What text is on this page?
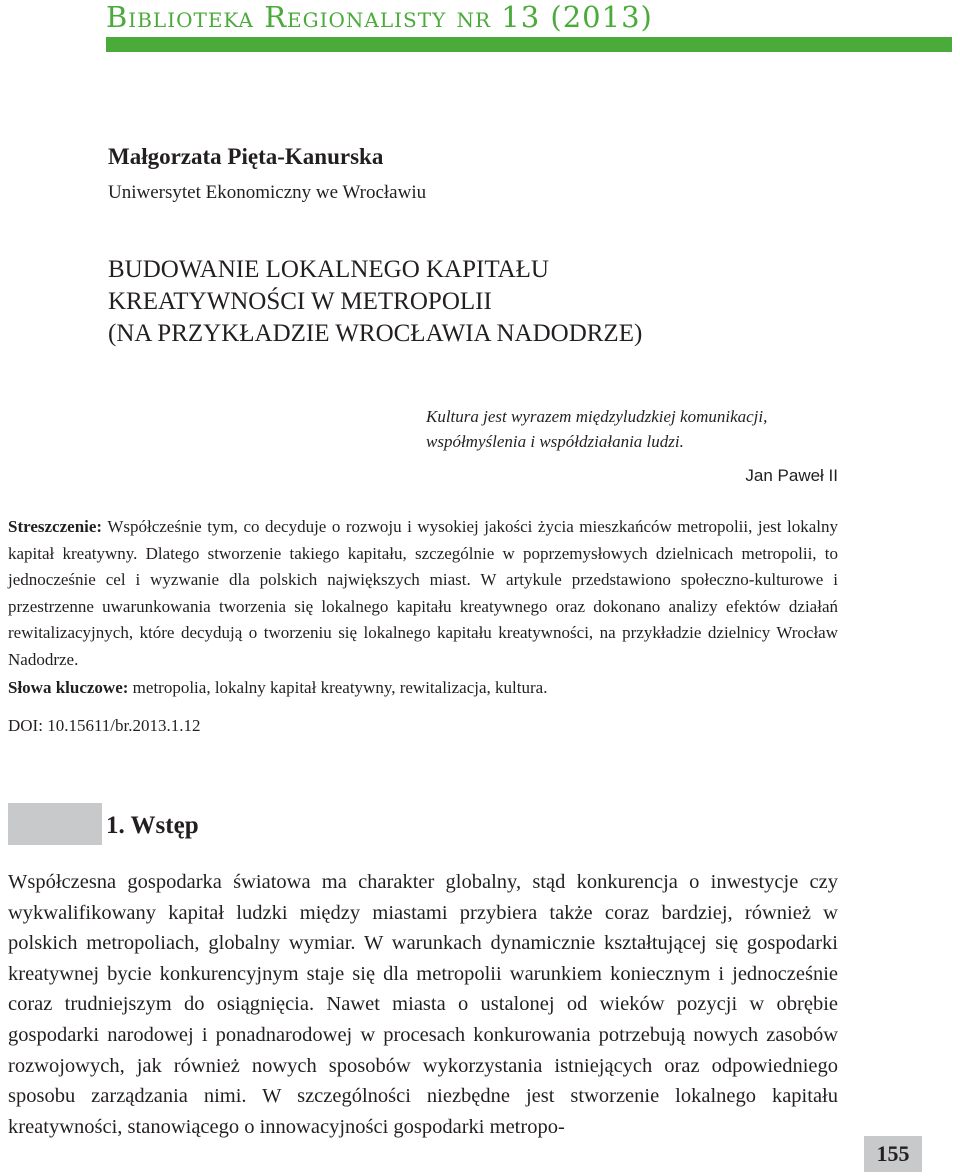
Biblioteka Regionalisty nr 13 (2013)
Małgorzata Pięta-Kanurska
Uniwersytet Ekonomiczny we Wrocławiu
BUDOWANIE LOKALNEGO KAPITAŁU
KREATYWNOŚCI W METROPOLII
(NA PRZYKŁADZIE WROCŁAWIA NADODRZE)
Kultura jest wyrazem międzyludzkiej komunikacji,
współmyślenia i współdziałania ludzi.
Jan Paweł II

Streszczenie: Współcześnie tym, co decyduje o rozwoju i wysokiej jakości życia mieszkańców metropolii, jest lokalny kapitał kreatywny. Dlatego stworzenie takiego kapitału, szczególnie w poprzemysłowych dzielnicach metropolii, to jednocześnie cel i wyzwanie dla polskich największych miast. W artykule przedstawiono społeczno-kulturowe i przestrzenne uwarunkowania tworzenia się lokalnego kapitału kreatywnego oraz dokonano analizy efektów działań rewitalizacyjnych, które decydują o tworzeniu się lokalnego kapitału kreatywności, na przykładzie dzielnicy Wrocław Nadodrze.

Słowa kluczowe: metropolia, lokalny kapitał kreatywny, rewitalizacja, kultura.

DOI: 10.15611/br.2013.1.12
1. Wstęp

Współczesna gospodarka światowa ma charakter globalny, stąd konkurencja o inwestycje czy wykwalifikowany kapitał ludzki między miastami przybiera także coraz bardziej, również w polskich metropoliach, globalny wymiar. W warunkach dynamicznie kształtującej się gospodarki kreatywnej bycie konkurencyjnym staje się dla metropolii warunkiem koniecznym i jednocześnie coraz trudniejszym do osiągnięcia. Nawet miasta o ustalonej od wieków pozycji w obrębie gospodarki narodowej i ponadnarodowej w procesach konkurowania potrzebują nowych zasobów rozwojowych, jak również nowych sposobów wykorzystania istniejących oraz odpowiedniego sposobu zarządzania nimi. W szczególności niezbędne jest stworzenie lokalnego kapitału kreatywności, stanowiącego o innowacyjności gospodarki metropo-

155
